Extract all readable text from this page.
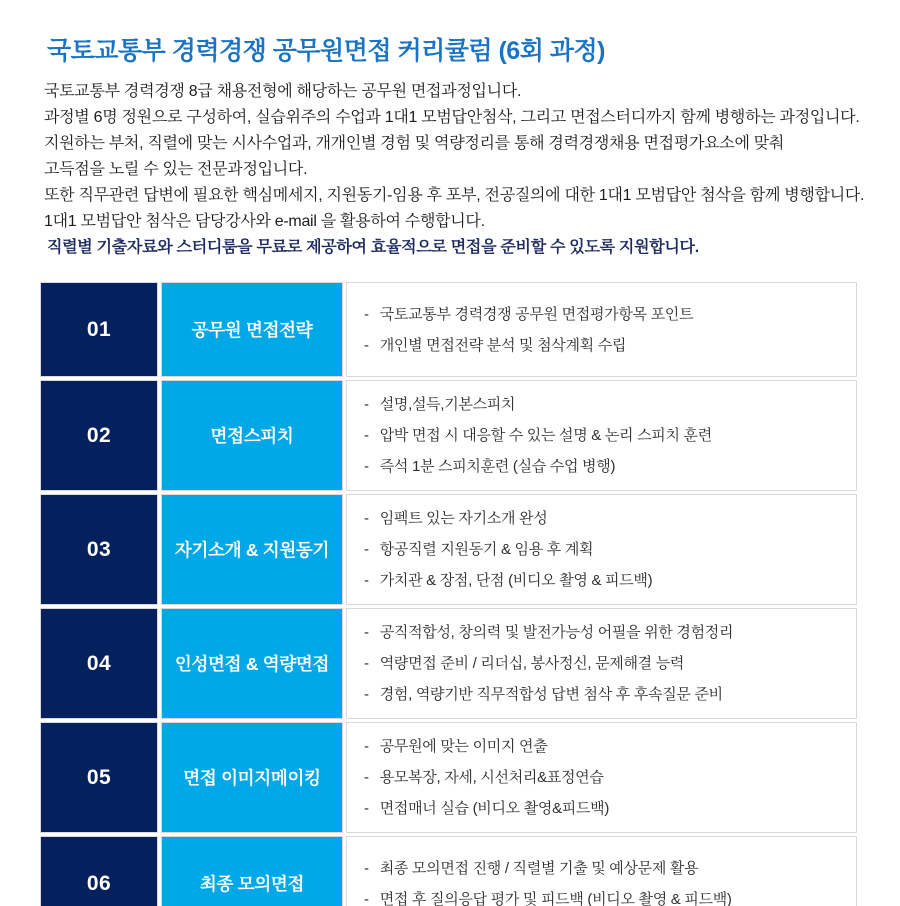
국토교통부 경력경쟁 공무원면접 커리큘럼 (6회 과정)
국토교통부 경력경쟁 8급 채용전형에 해당하는 공무원 면접과정입니다.
과정별 6명 정원으로 구성하여, 실습위주의 수업과 1대1 모범답안첨삭, 그리고 면접스터디까지 함께 병행하는 과정입니다.
지원하는 부처, 직렬에 맞는 시사수업과, 개개인별 경험 및 역량정리를 통해 경력경쟁채용 면접평가요소에 맞춰
고득점을 노릴 수 있는 전문과정입니다.
또한 직무관련 답변에 필요한 핵심메세지, 지원동기-임용 후 포부, 전공질의에 대한 1대1 모범답안 첨삭을 함께 병행합니다.
1대1 모범답안 첨삭은 담당강사와 e-mail 을 활용하여 수행합니다.
직렬별 기출자료와 스터디룸을 무료로 제공하여 효율적으로 면접을 준비할 수 있도록 지원합니다.
01	공무원 면접전략
- 국토교통부 경력경쟁 공무원 면접평가항목 포인트
- 개인별 면접전략 분석 및 첨삭계획 수립
02	면접스피치
- 설명,설득,기본스피치
- 압박 면접 시 대응할 수 있는 설명 & 논리 스피치 훈련
- 즉석 1분 스피치훈련 (실습 수업 병행)
03	자기소개 & 지원동기
- 임펙트 있는 자기소개 완성
- 항공직렬 지원동기 & 임용 후 계획
- 가치관 & 장점, 단점 (비디오 촬영 & 피드백)
04	인성면접 & 역량면접
- 공직적합성, 창의력 및 발전가능성 어필을 위한 경험정리
- 역량면접 준비 / 리더십, 봉사정신, 문제해결 능력
- 경험, 역량기반 직무적합성 답변 첨삭 후 후속질문 준비
05	면접 이미지메이킹
- 공무원에 맞는 이미지 연출
- 용모복장, 자세, 시선처리&표정연습
- 면접매너 실습 (비디오 촬영&피드백)
06	최종 모의면접
- 최종 모의면접 진행 / 직렬별 기출 및 예상문제 활용
- 면접 후 질의응답 평가 및 피드백 (비디오 촬영 & 피드백)
